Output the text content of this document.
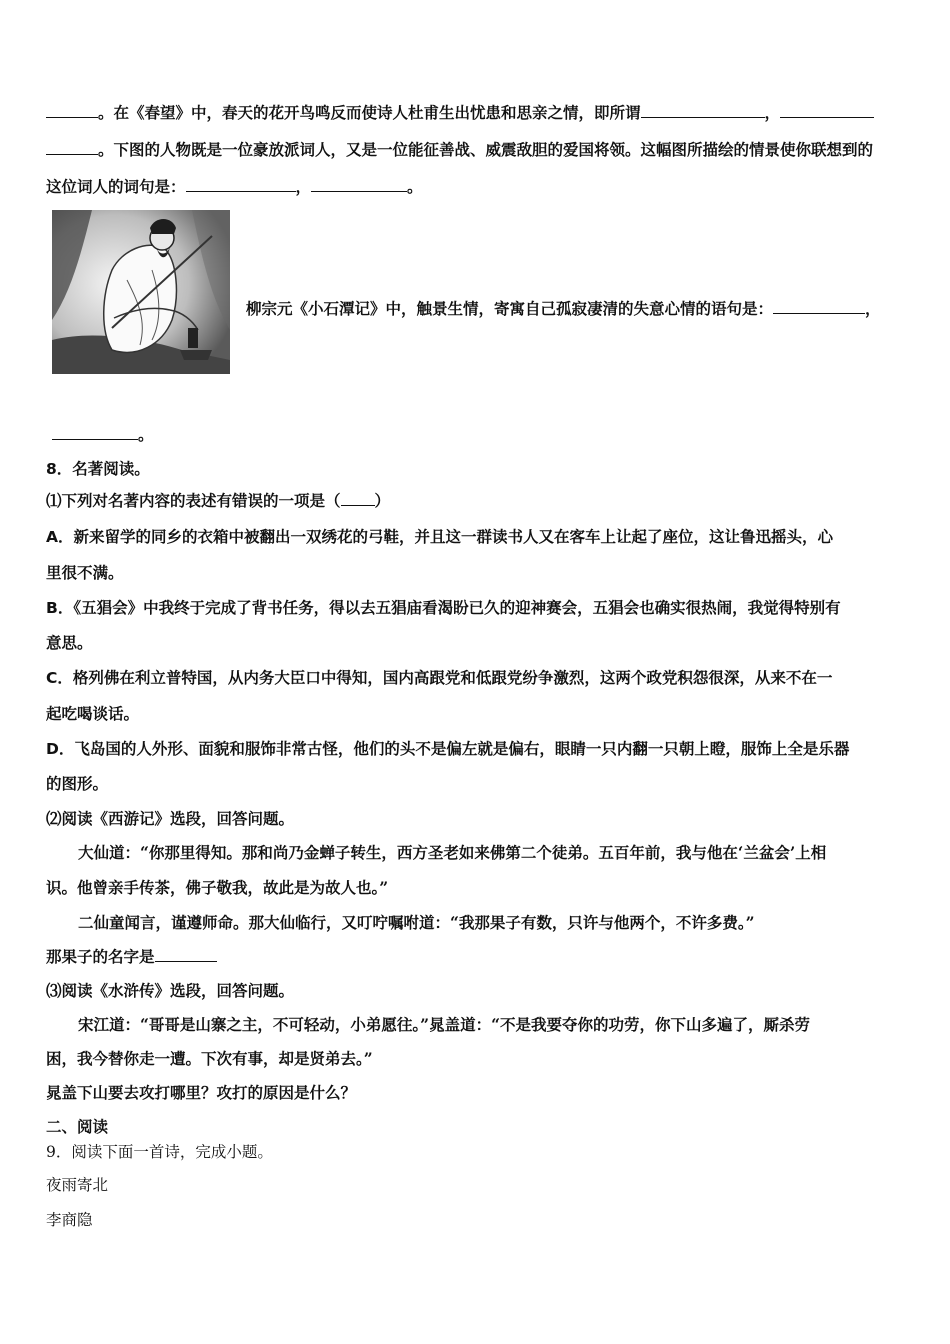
。在《春望》中，春天的花开鸟鸣反而使诗人杜甫生出忧患和思亲之情，即所谓	，
。下图的人物既是一位豪放派词人，又是一位能征善战、威震敌胆的爱国将领。这幅图所描绘的情景使你联想到的
这位词人的词句是：	，	。
柳宗元《小石潭记》中，触景生情，寄寓自己孤寂凄清的失意心情的语句是：	，
。
8．名著阅读。
⑴下列对名著内容的表述有错误的一项是（ ）
A．新来留学的同乡的衣箱中被翻出一双绣花的弓鞋，并且这一群读书人又在客车上让起了座位，这让鲁迅摇头，心
里很不满。
B．《五猖会》中我终于完成了背书任务，得以去五猖庙看渴盼已久的迎神赛会，五猖会也确实很热闹，我觉得特别有
意思。
C．格列佛在利立普特国，从内务大臣口中得知，国内高跟党和低跟党纷争激烈，这两个政党积怨很深，从来不在一
起吃喝谈话。
D．飞岛国的人外形、面貌和服饰非常古怪，他们的头不是偏左就是偏右，眼睛一只内翻一只朝上瞪，服饰上全是乐器
的图形。
⑵阅读《西游记》选段，回答问题。
大仙道：“你那里得知。那和尚乃金蝉子转生，西方圣老如来佛第二个徒弟。五百年前，我与他在‘兰盆会’上相
识。他曾亲手传茶，佛子敬我，故此是为故人也。”
二仙童闻言，谨遵师命。那大仙临行，又叮咛嘱咐道：“我那果子有数，只许与他两个，不许多费。”
那果子的名字是
⑶阅读《水浒传》选段，回答问题。
宋江道：“哥哥是山寨之主，不可轻动，小弟愿往。”晁盖道：“不是我要夺你的功劳，你下山多遍了，厮杀劳
困，我今替你走一遭。下次有事，却是贤弟去。”
晁盖下山要去攻打哪里？攻打的原因是什么？
二、阅读
9．阅读下面一首诗，完成小题。
夜雨寄北
李商隐
